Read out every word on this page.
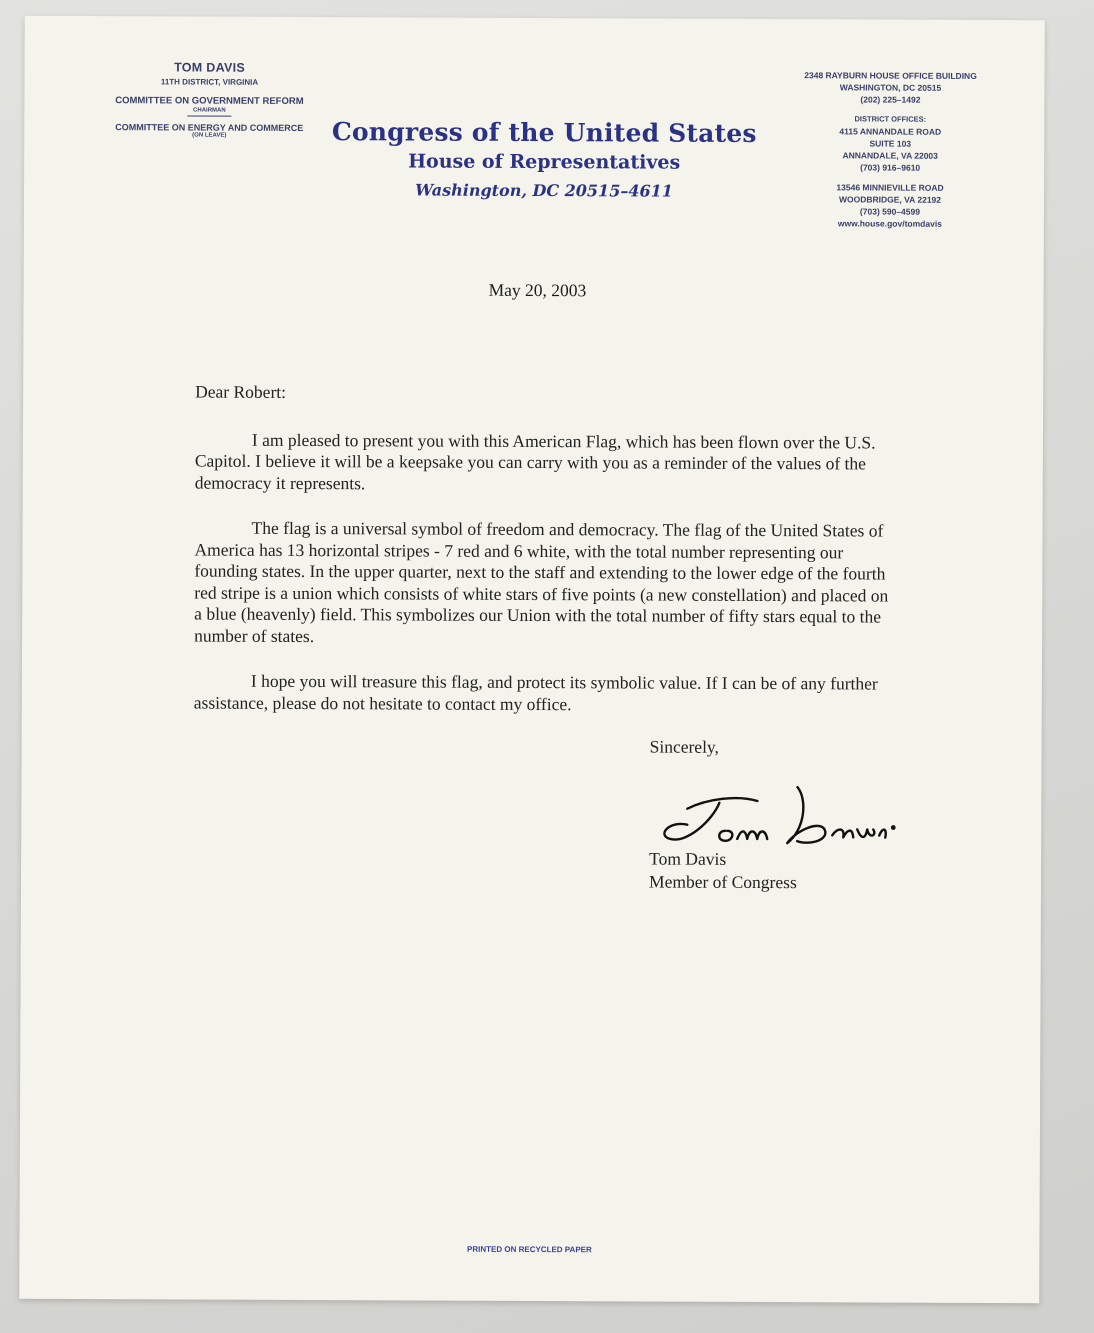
TOM DAVIS
11TH DISTRICT, VIRGINIA
COMMITTEE ON GOVERNMENT REFORM
CHAIRMAN
COMMITTEE ON ENERGY AND COMMERCE
(ON LEAVE)	Congress of the United States
House of Representatives
Washington, DC 20515–4611
2348 RAYBURN HOUSE OFFICE BUILDING
WASHINGTON, DC 20515
(202) 225–1492
DISTRICT OFFICES:
4115 ANNANDALE ROAD
SUITE 103
ANNANDALE, VA 22003
(703) 916–9610
13546 MINNIEVILLE ROAD
WOODBRIDGE, VA 22192
(703) 590–4599
www.house.gov/tomdavis
May 20, 2003

Dear Robert:

I am pleased to present you with this American Flag, which has been flown over the U.S. Capitol. I believe it will be a keepsake you can carry with you as a reminder of the values of the democracy it represents.

The flag is a universal symbol of freedom and democracy. The flag of the United States of America has 13 horizontal stripes - 7 red and 6 white, with the total number representing our founding states. In the upper quarter, next to the staff and extending to the lower edge of the fourth red stripe is a union which consists of white stars of five points (a new constellation) and placed on a blue (heavenly) field. This symbolizes our Union with the total number of fifty stars equal to the number of states.

I hope you will treasure this flag, and protect its symbolic value. If I can be of any further assistance, please do not hesitate to contact my office.

Sincerely,
Tom Davis
Member of Congress
PRINTED ON RECYCLED PAPER
